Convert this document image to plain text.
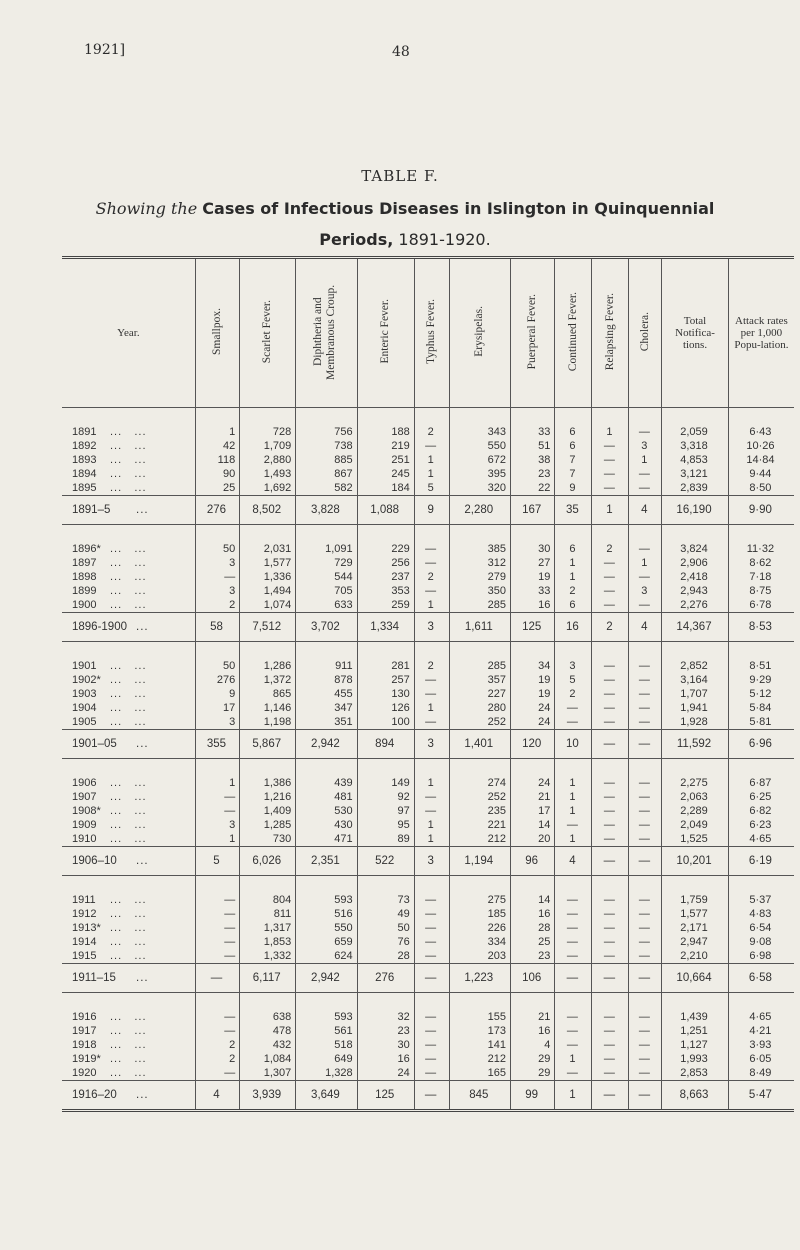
1921]	48
TABLE F.
Showing the Cases of Infectious Diseases in Islington in Quinquennial Periods, 1891-1920.
Year.	Smallpox.	Scarlet Fever.	Diphtheria and Membranous Croup.	Enteric Fever.	Typhus Fever.	Erysipelas.	Puerperal Fever.	Continued Fever.	Relapsing Fever.	Cholera.	Total Notifica-tions.	Attack rates per 1,000 Popu-lation.

1891 ...   ...	1	728	756	188	2	343	33	6	1	—	2,059	6·43
1892 ...   ...	42	1,709	738	219	—	550	51	6	—	3	3,318	10·26
1893 ...   ...	118	2,880	885	251	1	672	38	7	—	1	4,853	14·84
1894 ...   ...	90	1,493	867	245	1	395	23	7	—	—	3,121	9·44
1895 ...   ...	25	1,692	582	184	5	320	22	9	—	—	2,839	8·50
1891–5 ...	276	8,502	3,828	1,088	9	2,280	167	35	1	4	16,190	9·90
1896* ...   ...	50	2,031	1,091	229	—	385	30	6	2	—	3,824	11·32
1897 ...   ...	3	1,577	729	256	—	312	27	1	—	1	2,906	8·62
1898 ...   ...	—	1,336	544	237	2	279	19	1	—	—	2,418	7·18
1899 ...   ...	3	1,494	705	353	—	350	33	2	—	3	2,943	8·75
1900 ...   ...	2	1,074	633	259	1	285	16	6	—	—	2,276	6·78
1896-1900 ...	58	7,512	3,702	1,334	3	1,611	125	16	2	4	14,367	8·53
1901 ...   ...	50	1,286	911	281	2	285	34	3	—	—	2,852	8·51
1902* ...   ...	276	1,372	878	257	—	357	19	5	—	—	3,164	9·29
1903 ...   ...	9	865	455	130	—	227	19	2	—	—	1,707	5·12
1904 ...   ...	17	1,146	347	126	1	280	24	—	—	—	1,941	5·84
1905 ...   ...	3	1,198	351	100	—	252	24	—	—	—	1,928	5·81
1901–05 ...	355	5,867	2,942	894	3	1,401	120	10	—	—	11,592	6·96
1906 ...   ...	1	1,386	439	149	1	274	24	1	—	—	2,275	6·87
1907 ...   ...	—	1,216	481	92	—	252	21	1	—	—	2,063	6·25
1908* ...   ...	—	1,409	530	97	—	235	17	1	—	—	2,289	6·82
1909 ...   ...	3	1,285	430	95	1	221	14	—	—	—	2,049	6·23
1910 ...   ...	1	730	471	89	1	212	20	1	—	—	1,525	4·65
1906–10 ...	5	6,026	2,351	522	3	1,194	96	4	—	—	10,201	6·19
1911 ...   ...	—	804	593	73	—	275	14	—	—	—	1,759	5·37
1912 ...   ...	—	811	516	49	—	185	16	—	—	—	1,577	4·83
1913* ...   ...	—	1,317	550	50	—	226	28	—	—	—	2,171	6·54
1914 ...   ...	—	1,853	659	76	—	334	25	—	—	—	2,947	9·08
1915 ...   ...	—	1,332	624	28	—	203	23	—	—	—	2,210	6·98
1911–15 ...	—	6,117	2,942	276	—	1,223	106	—	—	—	10,664	6·58
1916 ...   ...	—	638	593	32	—	155	21	—	—	—	1,439	4·65
1917 ...   ...	—	478	561	23	—	173	16	—	—	—	1,251	4·21
1918 ...   ...	2	432	518	30	—	141	4	—	—	—	1,127	3·93
1919* ...   ...	2	1,084	649	16	—	212	29	1	—	—	1,993	6·05
1920 ...   ...	—	1,307	1,328	24	—	165	29	—	—	—	2,853	8·49
1916–20 ...	4	3,939	3,649	125	—	845	99	1	—	—	8,663	5·47
